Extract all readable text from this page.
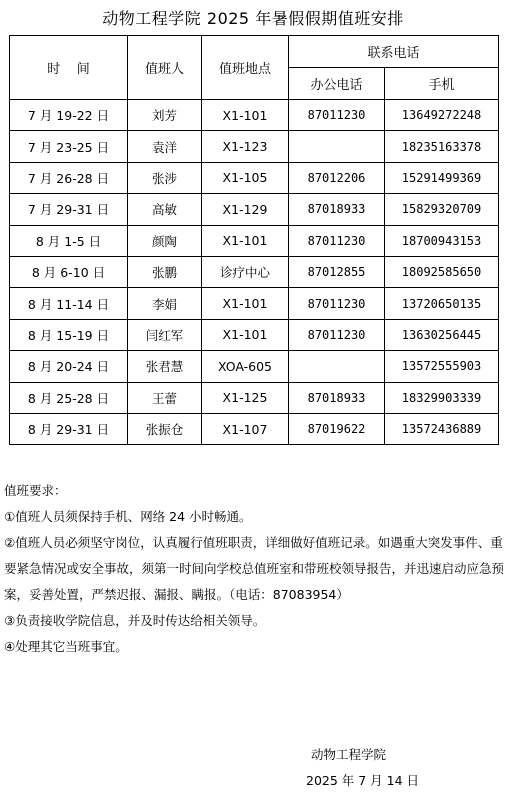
动物工程学院 2025 年暑假假期值班安排
时    间	值班人	值班地点	联系电话	
			办公电话	手机
7 月 19-22 日	刘芳	X1-101	87011230	13649272248
7 月 23-25 日	袁洋	X1-123		18235163378
7 月 26-28 日	张涉	X1-105	87012206	15291499369
7 月 29-31 日	高敏	X1-129	87018933	15829320709
8 月 1-5 日	颜陶	X1-101	87011230	18700943153
8 月 6-10 日	张鹏	诊疗中心	87012855	18092585650
8 月 11-14 日	李娟	X1-101	87011230	13720650135
8 月 15-19 日	闫红军	X1-101	87011230	13630256445
8 月 20-24 日	张君慧	XOA-605		13572555903
8 月 25-28 日	王蕾	X1-125	87018933	18329903339
8 月 29-31 日	张振仓	X1-107	87019622	13572436889

值班要求：

①值班人员须保持手机、网络 24 小时畅通。

②值班人员必须坚守岗位，认真履行值班职责，详细做好值班记录。如遇重大突发事件、重要紧急情况或安全事故，须第一时间向学校总值班室和带班校领导报告，并迅速启动应急预案，妥善处置，严禁迟报、漏报、瞒报。（电话：87083954）

③负责接收学院信息，并及时传达给相关领导。

④处理其它当班事宜。

动物工程学院
2025 年 7 月 14 日
